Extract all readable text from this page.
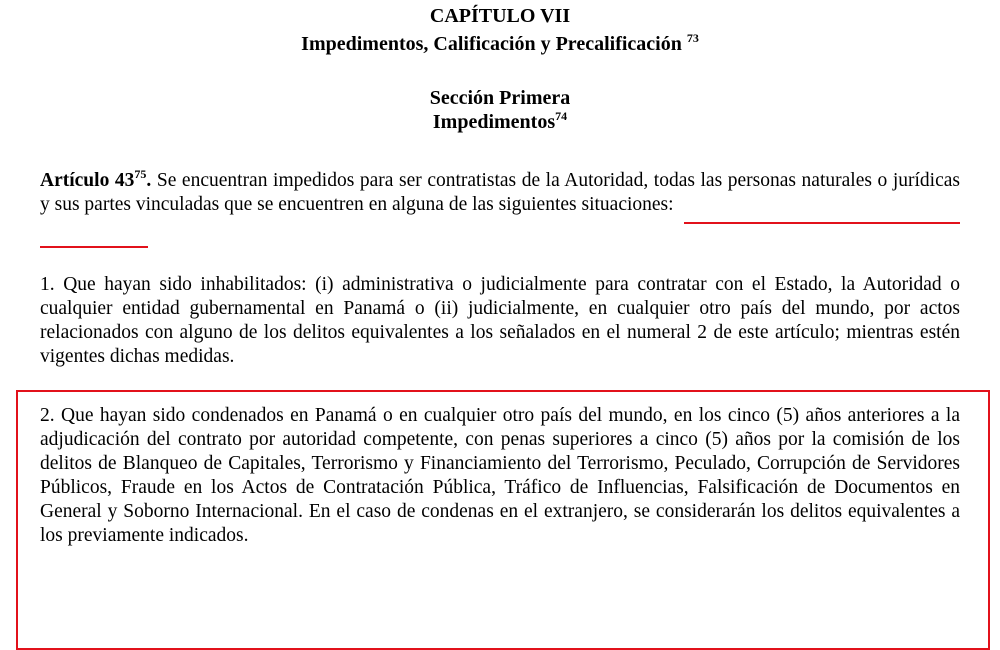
CAPÍTULO VII
Impedimentos, Calificación y Precalificación $^{73}$
Sección Primera
Impedimentos$^{74}$
Artículo $43^{75}$. Se encuentran impedidos para ser contratistas de la Autoridad, todas las personas naturales o jurídicas y sus partes vinculadas que se encuentren en alguna de las siguientes situaciones:
1. Que hayan sido inhabilitados: (i) administrativa o judicialmente para contratar con el Estado, la Autoridad o cualquier entidad gubernamental en Panamá o (ii) judicialmente, en cualquier otro país del mundo, por actos relacionados con alguno de los delitos equivalentes a los señalados en el numeral 2 de este artículo; mientras estén vigentes dichas medidas.
2. Que hayan sido condenados en Panamá o en cualquier otro país del mundo, en los cinco (5) años anteriores a la adjudicación del contrato por autoridad competente, con penas superiores a cinco (5) años por la comisión de los delitos de Blanqueo de Capitales, Terrorismo y Financiamiento del Terrorismo, Peculado, Corrupción de Servidores Públicos, Fraude en los Actos de Contratación Pública, Tráfico de Influencias, Falsificación de Documentos en General y Soborno Internacional. En el caso de condenas en el extranjero, se considerarán los delitos equivalentes a los previamente indicados.
